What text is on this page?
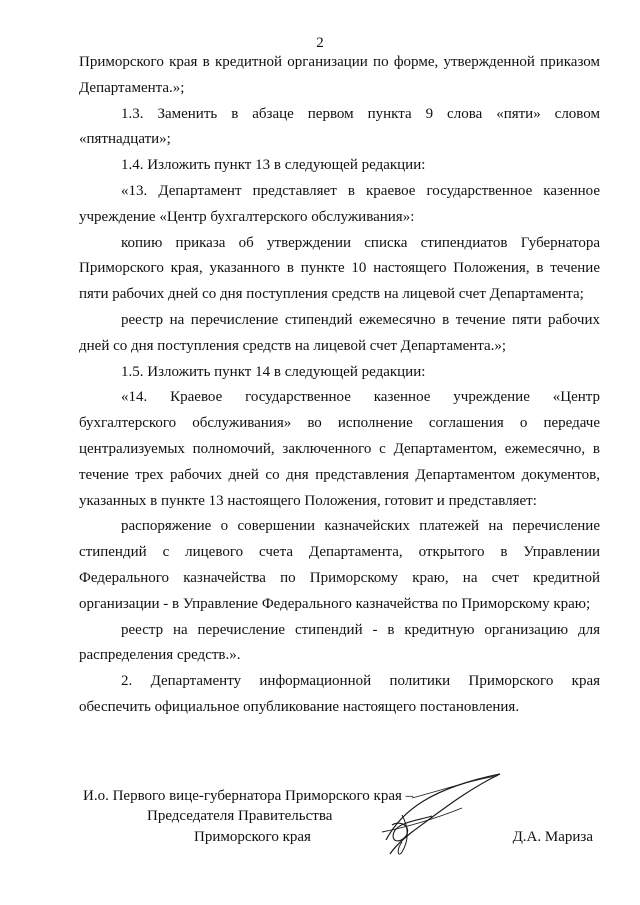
2

Приморского края в кредитной организации по форме, утвержденной приказом Департамента.»;

1.3. Заменить в абзаце первом пункта 9 слова «пяти» словом «пятнадцати»;

1.4. Изложить пункт 13 в следующей редакции:

«13. Департамент представляет в краевое государственное казенное учреждение «Центр бухгалтерского обслуживания»:

копию приказа об утверждении списка стипендиатов Губернатора Приморского края, указанного в пункте 10 настоящего Положения, в течение пяти рабочих дней со дня поступления средств на лицевой счет Департамента;

реестр на перечисление стипендий ежемесячно в течение пяти рабочих дней со дня поступления средств на лицевой счет Департамента.»;

1.5. Изложить пункт 14 в следующей редакции:

«14. Краевое государственное казенное учреждение «Центр бухгалтерского обслуживания» во исполнение соглашения о передаче централизуемых полномочий, заключенного с Департаментом, ежемесячно, в течение трех рабочих дней со дня представления Департаментом документов, указанных в пункте 13 настоящего Положения, готовит и представляет:

распоряжение о совершении казначейских платежей на перечисление стипендий с лицевого счета Департамента, открытого в Управлении Федерального казначейства по Приморскому краю, на счет кредитной организации - в Управление Федерального казначейства по Приморскому краю;

реестр на перечисление стипендий - в кредитную организацию для распределения средств.».

2. Департаменту информационной политики Приморского края обеспечить официальное опубликование настоящего постановления.

И.о. Первого вице-губернатора Приморского края –
Председателя Правительства
Приморского края	Д.А. Мариза
